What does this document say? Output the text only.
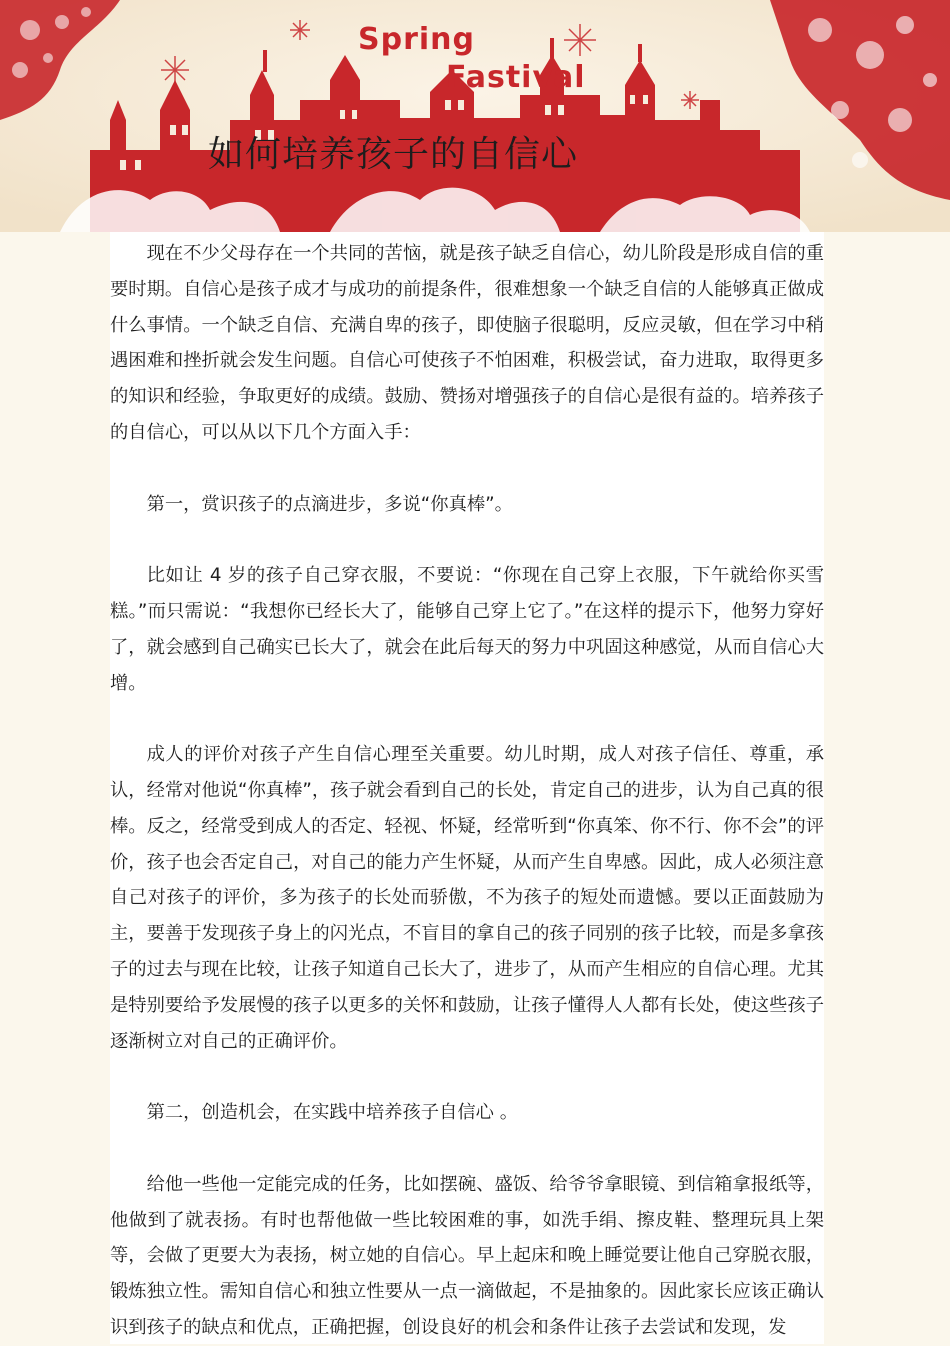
Spring
Fastival
如何培养孩子的自信心

现在不少父母存在一个共同的苦恼，就是孩子缺乏自信心，幼儿阶段是形成自信的重要时期。自信心是孩子成才与成功的前提条件，很难想象一个缺乏自信的人能够真正做成什么事情。一个缺乏自信、充满自卑的孩子，即使脑子很聪明，反应灵敏，但在学习中稍遇困难和挫折就会发生问题。自信心可使孩子不怕困难，积极尝试，奋力进取，取得更多的知识和经验，争取更好的成绩。鼓励、赞扬对增强孩子的自信心是很有益的。培养孩子的自信心，可以从以下几个方面入手：

第一，赏识孩子的点滴进步，多说“你真棒”。

比如让 4 岁的孩子自己穿衣服，不要说：“你现在自己穿上衣服，下午就给你买雪糕。”而只需说：“我想你已经长大了，能够自己穿上它了。”在这样的提示下，他努力穿好了，就会感到自己确实已长大了，就会在此后每天的努力中巩固这种感觉，从而自信心大增。

成人的评价对孩子产生自信心理至关重要。幼儿时期，成人对孩子信任、尊重，承认，经常对他说“你真棒”，孩子就会看到自己的长处，肯定自己的进步，认为自己真的很棒。反之，经常受到成人的否定、轻视、怀疑，经常听到“你真笨、你不行、你不会”的评价，孩子也会否定自己，对自己的能力产生怀疑，从而产生自卑感。因此，成人必须注意自己对孩子的评价，多为孩子的长处而骄傲，不为孩子的短处而遗憾。要以正面鼓励为主，要善于发现孩子身上的闪光点，不盲目的拿自己的孩子同别的孩子比较，而是多拿孩子的过去与现在比较，让孩子知道自己长大了，进步了，从而产生相应的自信心理。尤其是特别要给予发展慢的孩子以更多的关怀和鼓励，让孩子懂得人人都有长处，使这些孩子逐渐树立对自己的正确评价。

第二，创造机会，在实践中培养孩子自信心 。

给他一些他一定能完成的任务，比如摆碗、盛饭、给爷爷拿眼镜、到信箱拿报纸等，他做到了就表扬。有时也帮他做一些比较困难的事，如洗手绢、擦皮鞋、整理玩具上架等，会做了更要大为表扬，树立她的自信心。早上起床和晚上睡觉要让他自己穿脱衣服，锻炼独立性。需知自信心和独立性要从一点一滴做起，不是抽象的。因此家长应该正确认识到孩子的缺点和优点，正确把握，创设良好的机会和条件让孩子去尝试和发现，发
